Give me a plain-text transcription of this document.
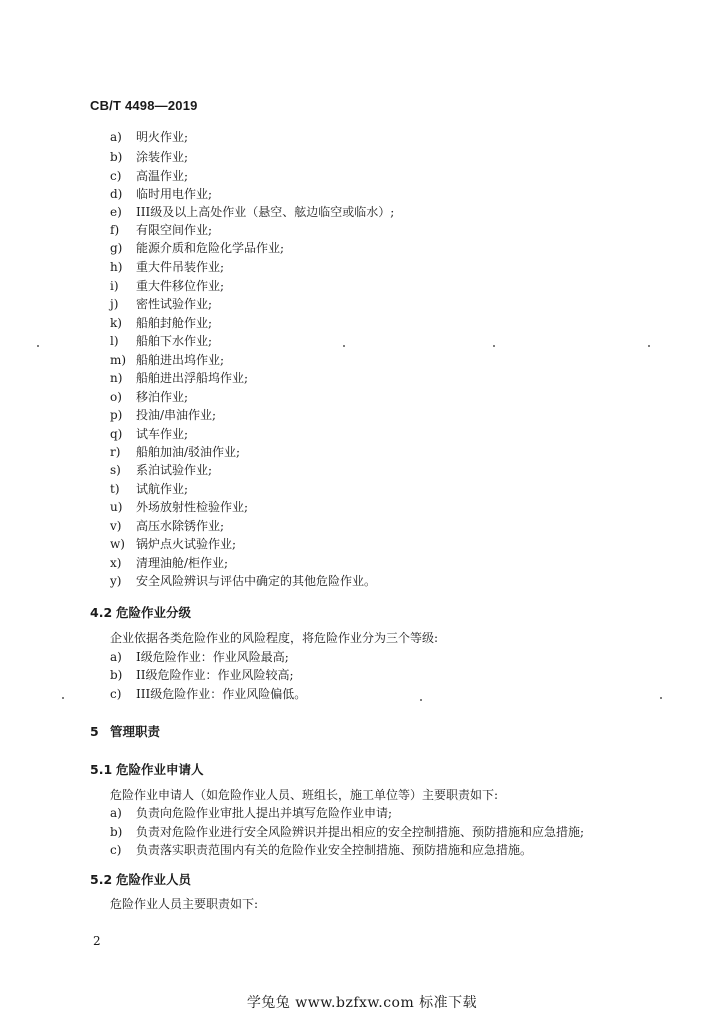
CB/T 4498—2019
a) 明火作业;
b) 涂装作业;
c) 高温作业;
d) 临时用电作业;
e) III级及以上高处作业（悬空、舷边临空或临水）;
f) 有限空间作业;
g) 能源介质和危险化学品作业;
h) 重大件吊装作业;
i) 重大件移位作业;
j) 密性试验作业;
k) 船舶封舱作业;
l) 船舶下水作业;
m) 船舶进出坞作业;
n) 船舶进出浮船坞作业;
o) 移泊作业;
p) 投油/串油作业;
q) 试车作业;
r) 船舶加油/驳油作业;
s) 系泊试验作业;
t) 试航作业;
u) 外场放射性检验作业;
v) 高压水除锈作业;
w) 锅炉点火试验作业;
x) 清理油舱/柜作业;
y) 安全风险辨识与评估中确定的其他危险作业。
4.2 危险作业分级
企业依据各类危险作业的风险程度，将危险作业分为三个等级:
a) I级危险作业：作业风险最高;
b) II级危险作业：作业风险较高;
c) III级危险作业：作业风险偏低。
5 管理职责
5.1 危险作业申请人
危险作业申请人（如危险作业人员、班组长，施工单位等）主要职责如下:
a) 负责向危险作业审批人提出并填写危险作业申请;
b) 负责对危险作业进行安全风险辨识并提出相应的安全控制措施、预防措施和应急措施;
c) 负责落实职责范围内有关的危险作业安全控制措施、预防措施和应急措施。
5.2 危险作业人员
危险作业人员主要职责如下:
2
学兔兔 www.bzfxw.com 标准下载
